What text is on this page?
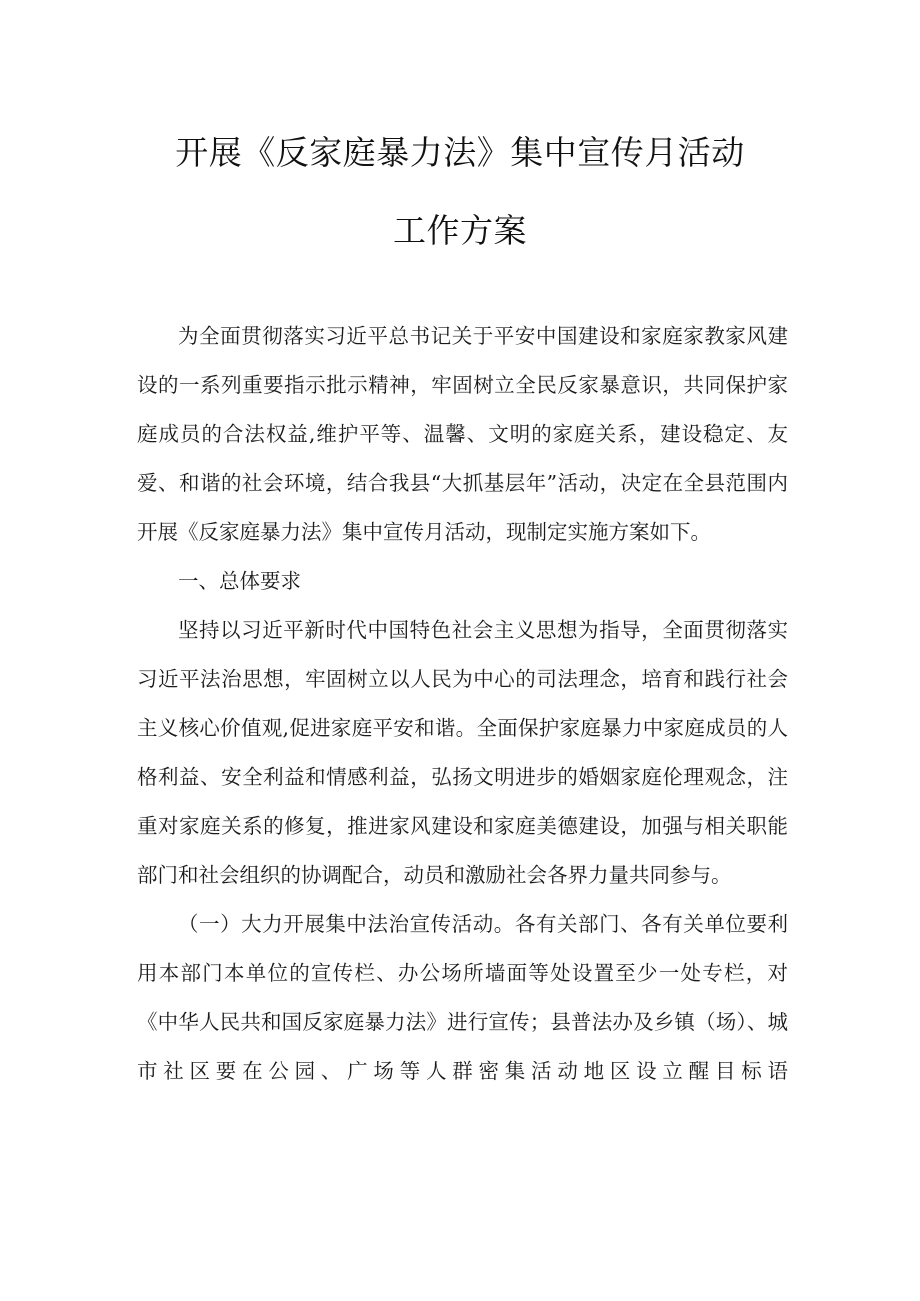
开展《反家庭暴力法》集中宣传月活动
工作方案

为全面贯彻落实习近平总书记关于平安中国建设和家庭家教家风建设的一系列重要指示批示精神，牢固树立全民反家暴意识，共同保护家庭成员的合法权益,维护平等、温馨、文明的家庭关系，建设稳定、友爱、和谐的社会环境，结合我县“大抓基层年”活动，决定在全县范围内开展《反家庭暴力法》集中宣传月活动，现制定实施方案如下。

一、总体要求

坚持以习近平新时代中国特色社会主义思想为指导，全面贯彻落实习近平法治思想，牢固树立以人民为中心的司法理念，培育和践行社会主义核心价值观,促进家庭平安和谐。全面保护家庭暴力中家庭成员的人格利益、安全利益和情感利益，弘扬文明进步的婚姻家庭伦理观念，注重对家庭关系的修复，推进家风建设和家庭美德建设，加强与相关职能部门和社会组织的协调配合，动员和激励社会各界力量共同参与。

（一）大力开展集中法治宣传活动。各有关部门、各有关单位要利用本部门本单位的宣传栏、办公场所墙面等处设置至少一处专栏，对《中华人民共和国反家庭暴力法》进行宣传；县普法办及乡镇（场）、城市社区要在公园、广场等人群密集活动地区设立醒目标语
